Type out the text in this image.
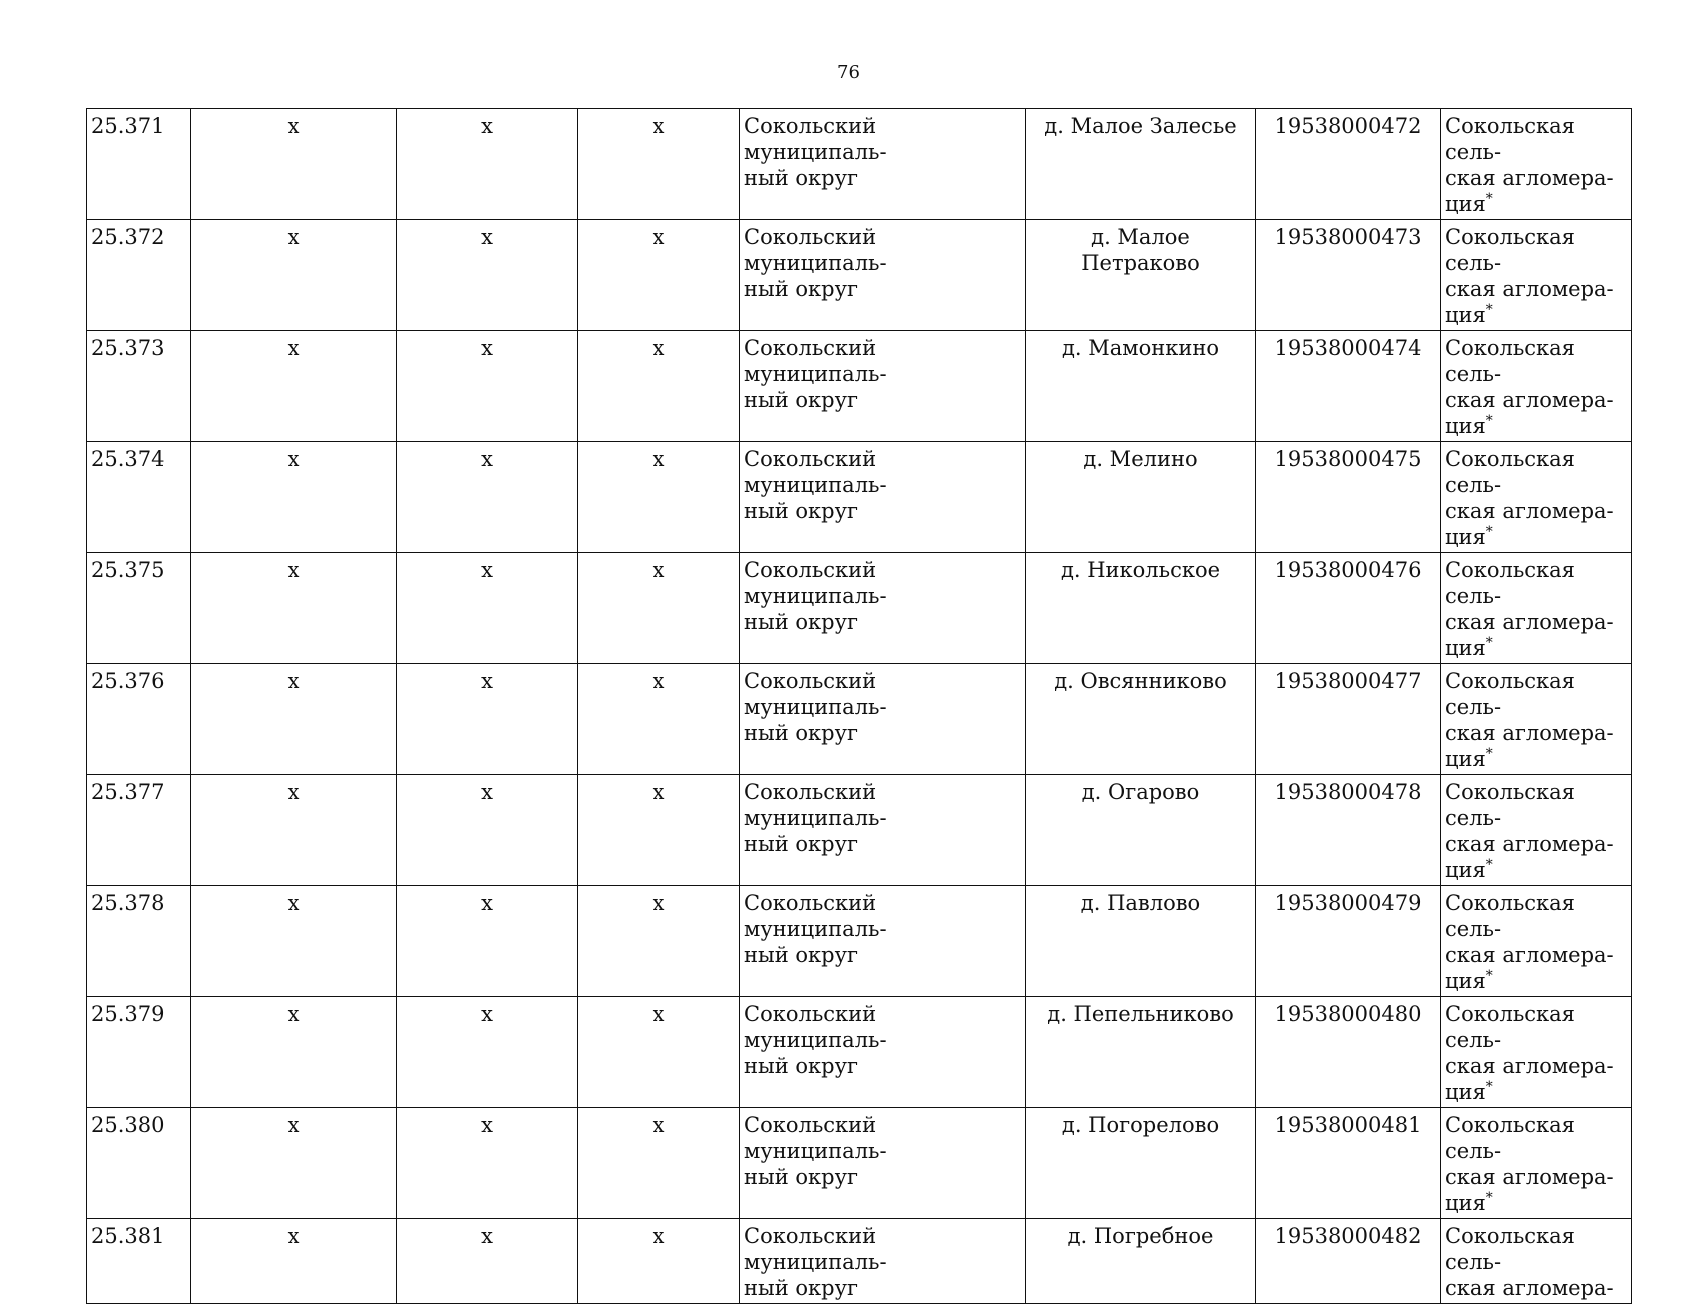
76
25.371	x	x	x	Сокольский муниципаль-
ный округ	д. Малое Залесье	19538000472	Сокольская сель-
ская агломера-
ция*

25.372	x	x	x	Сокольский муниципаль-
ный округ	д. Малое Петраково	19538000473	Сокольская сель-
ская агломера-
ция*

25.373	x	x	x	Сокольский муниципаль-
ный округ	д. Мамонкино	19538000474	Сокольская сель-
ская агломера-
ция*

25.374	x	x	x	Сокольский муниципаль-
ный округ	д. Мелино	19538000475	Сокольская сель-
ская агломера-
ция*

25.375	x	x	x	Сокольский муниципаль-
ный округ	д. Никольское	19538000476	Сокольская сель-
ская агломера-
ция*

25.376	x	x	x	Сокольский муниципаль-
ный округ	д. Овсянниково	19538000477	Сокольская сель-
ская агломера-
ция*

25.377	x	x	x	Сокольский муниципаль-
ный округ	д. Огарово	19538000478	Сокольская сель-
ская агломера-
ция*

25.378	x	x	x	Сокольский муниципаль-
ный округ	д. Павлово	19538000479	Сокольская сель-
ская агломера-
ция*

25.379	x	x	x	Сокольский муниципаль-
ный округ	д. Пепельниково	19538000480	Сокольская сель-
ская агломера-
ция*

25.380	x	x	x	Сокольский муниципаль-
ный округ	д. Погорелово	19538000481	Сокольская сель-
ская агломера-
ция*

25.381	x	x	x	Сокольский муниципаль-
ный округ	д. Погребное	19538000482	Сокольская сель-
ская агломера-
